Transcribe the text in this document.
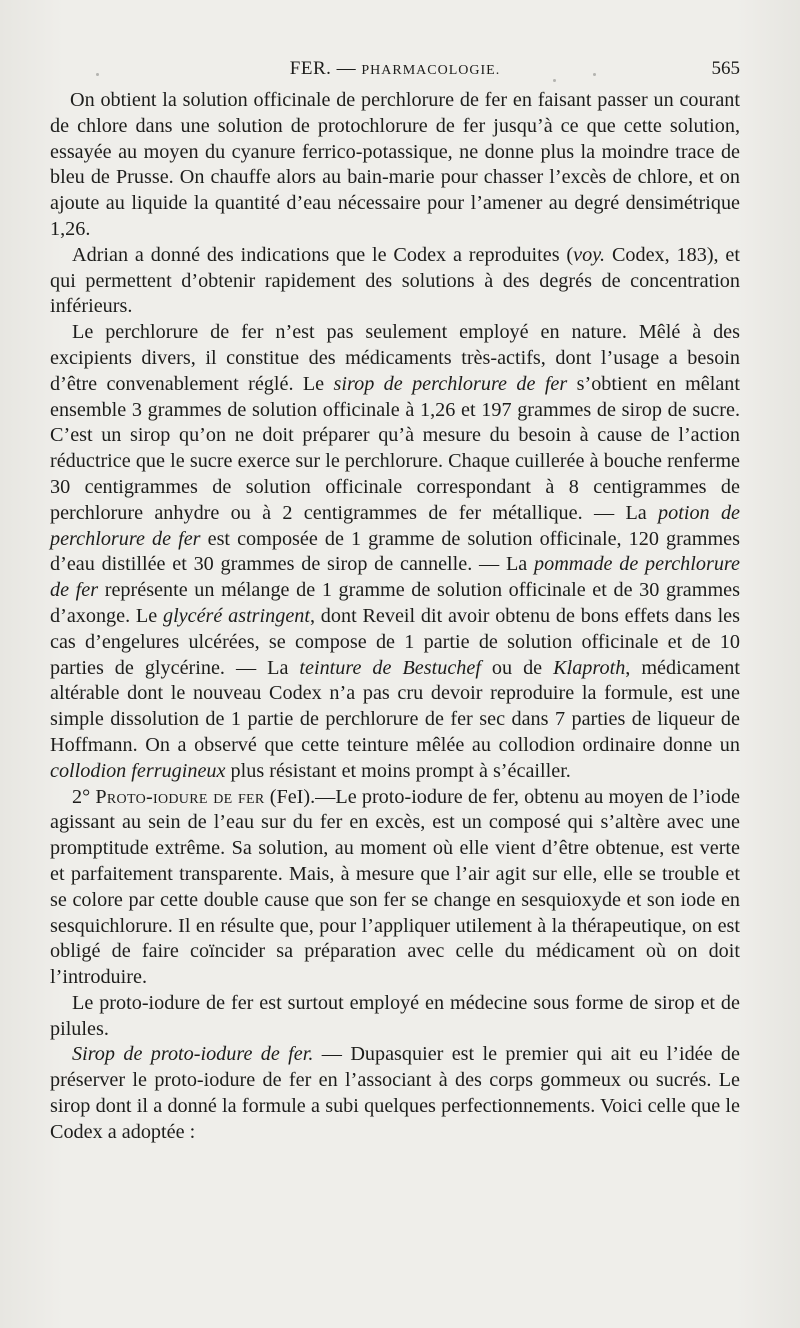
FER. — PHARMACOLOGIE.	565

On obtient la solution officinale de perchlorure de fer en faisant passer un courant de chlore dans une solution de protochlorure de fer jusqu’à ce que cette solution, essayée au moyen du cyanure ferrico-potassique, ne donne plus la moindre trace de bleu de Prusse. On chauffe alors au bain-marie pour chasser l’excès de chlore, et on ajoute au liquide la quantité d’eau nécessaire pour l’amener au degré densimétrique 1,26.

Adrian a donné des indications que le Codex a reproduites (voy. Codex, 183), et qui permettent d’obtenir rapidement des solutions à des degrés de concentration inférieurs.

Le perchlorure de fer n’est pas seulement employé en nature. Mêlé à des excipients divers, il constitue des médicaments très-actifs, dont l’usage a besoin d’être convenablement réglé. Le sirop de perchlorure de fer s’obtient en mêlant ensemble 3 grammes de solution officinale à 1,26 et 197 grammes de sirop de sucre. C’est un sirop qu’on ne doit préparer qu’à mesure du besoin à cause de l’action réductrice que le sucre exerce sur le perchlorure. Chaque cuillerée à bouche renferme 30 centigrammes de solution officinale correspondant à 8 centigrammes de perchlorure anhydre ou à 2 centigrammes de fer métallique. — La potion de perchlorure de fer est composée de 1 gramme de solution officinale, 120 grammes d’eau distillée et 30 grammes de sirop de cannelle. — La pommade de perchlorure de fer représente un mélange de 1 gramme de solution officinale et de 30 grammes d’axonge. Le glycéré astringent, dont Reveil dit avoir obtenu de bons effets dans les cas d’engelures ulcérées, se compose de 1 partie de solution officinale et de 10 parties de glycérine. — La teinture de Bestuchef ou de Klaproth, médicament altérable dont le nouveau Codex n’a pas cru devoir reproduire la formule, est une simple dissolution de 1 partie de perchlorure de fer sec dans 7 parties de liqueur de Hoffmann. On a observé que cette teinture mêlée au collodion ordinaire donne un collodion ferrugineux plus résistant et moins prompt à s’écailler.

2° Proto-iodure de fer (FeI).—Le proto-iodure de fer, obtenu au moyen de l’iode agissant au sein de l’eau sur du fer en excès, est un composé qui s’altère avec une promptitude extrême. Sa solution, au moment où elle vient d’être obtenue, est verte et parfaitement transparente. Mais, à mesure que l’air agit sur elle, elle se trouble et se colore par cette double cause que son fer se change en sesquioxyde et son iode en sesquichlorure. Il en résulte que, pour l’appliquer utilement à la thérapeutique, on est obligé de faire coïncider sa préparation avec celle du médicament où on doit l’introduire.

Le proto-iodure de fer est surtout employé en médecine sous forme de sirop et de pilules.

Sirop de proto-iodure de fer. — Dupasquier est le premier qui ait eu l’idée de préserver le proto-iodure de fer en l’associant à des corps gommeux ou sucrés. Le sirop dont il a donné la formule a subi quelques perfectionnements. Voici celle que le Codex a adoptée :
